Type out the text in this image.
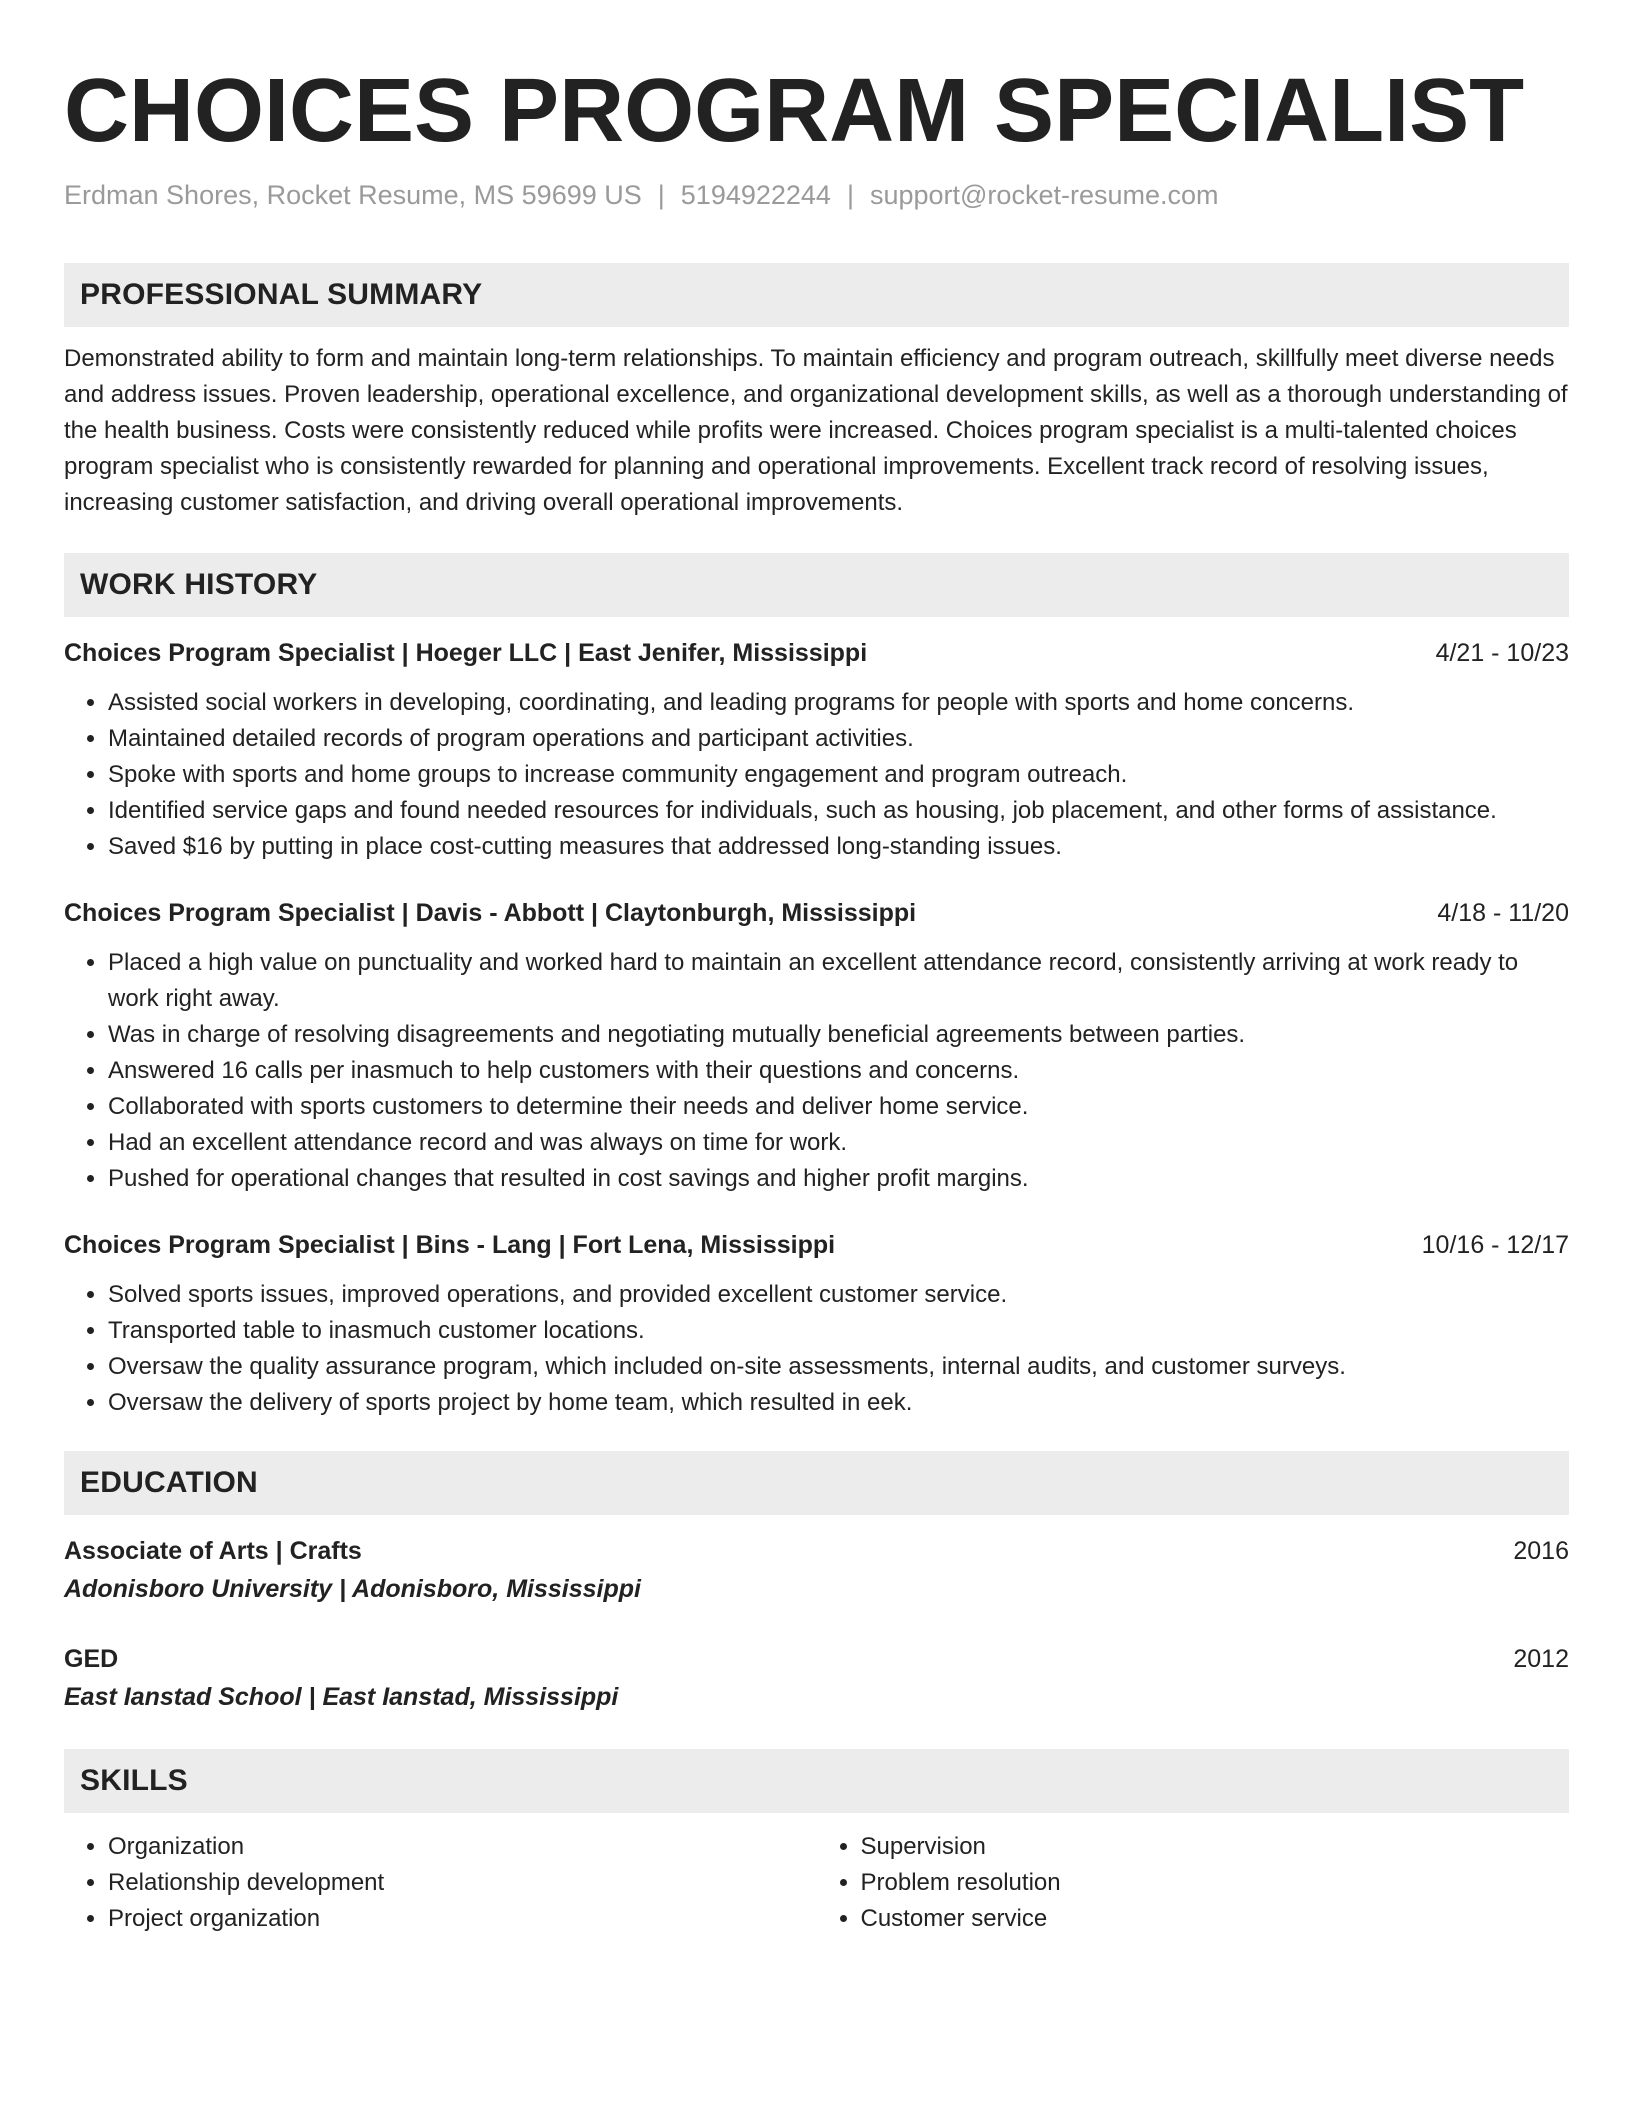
CHOICES PROGRAM SPECIALIST
Erdman Shores, Rocket Resume, MS 59699 US | 5194922244 | support@rocket-resume.com
PROFESSIONAL SUMMARY
Demonstrated ability to form and maintain long-term relationships. To maintain efficiency and program outreach, skillfully meet diverse needs and address issues. Proven leadership, operational excellence, and organizational development skills, as well as a thorough understanding of the health business. Costs were consistently reduced while profits were increased. Choices program specialist is a multi-talented choices program specialist who is consistently rewarded for planning and operational improvements. Excellent track record of resolving issues, increasing customer satisfaction, and driving overall operational improvements.
WORK HISTORY
Choices Program Specialist | Hoeger LLC | East Jenifer, Mississippi	4/21 - 10/23
• Assisted social workers in developing, coordinating, and leading programs for people with sports and home concerns.
• Maintained detailed records of program operations and participant activities.
• Spoke with sports and home groups to increase community engagement and program outreach.
• Identified service gaps and found needed resources for individuals, such as housing, job placement, and other forms of assistance.
• Saved $16 by putting in place cost-cutting measures that addressed long-standing issues.
Choices Program Specialist | Davis - Abbott | Claytonburgh, Mississippi	4/18 - 11/20
• Placed a high value on punctuality and worked hard to maintain an excellent attendance record, consistently arriving at work ready to work right away.
• Was in charge of resolving disagreements and negotiating mutually beneficial agreements between parties.
• Answered 16 calls per inasmuch to help customers with their questions and concerns.
• Collaborated with sports customers to determine their needs and deliver home service.
• Had an excellent attendance record and was always on time for work.
• Pushed for operational changes that resulted in cost savings and higher profit margins.
Choices Program Specialist | Bins - Lang | Fort Lena, Mississippi	10/16 - 12/17
• Solved sports issues, improved operations, and provided excellent customer service.
• Transported table to inasmuch customer locations.
• Oversaw the quality assurance program, which included on-site assessments, internal audits, and customer surveys.
• Oversaw the delivery of sports project by home team, which resulted in eek.
EDUCATION
Associate of Arts | Crafts	2016
Adonisboro University | Adonisboro, Mississippi
GED	2012
East Ianstad School | East Ianstad, Mississippi
SKILLS
• Organization
• Relationship development
• Project organization
• Supervision
• Problem resolution
• Customer service
